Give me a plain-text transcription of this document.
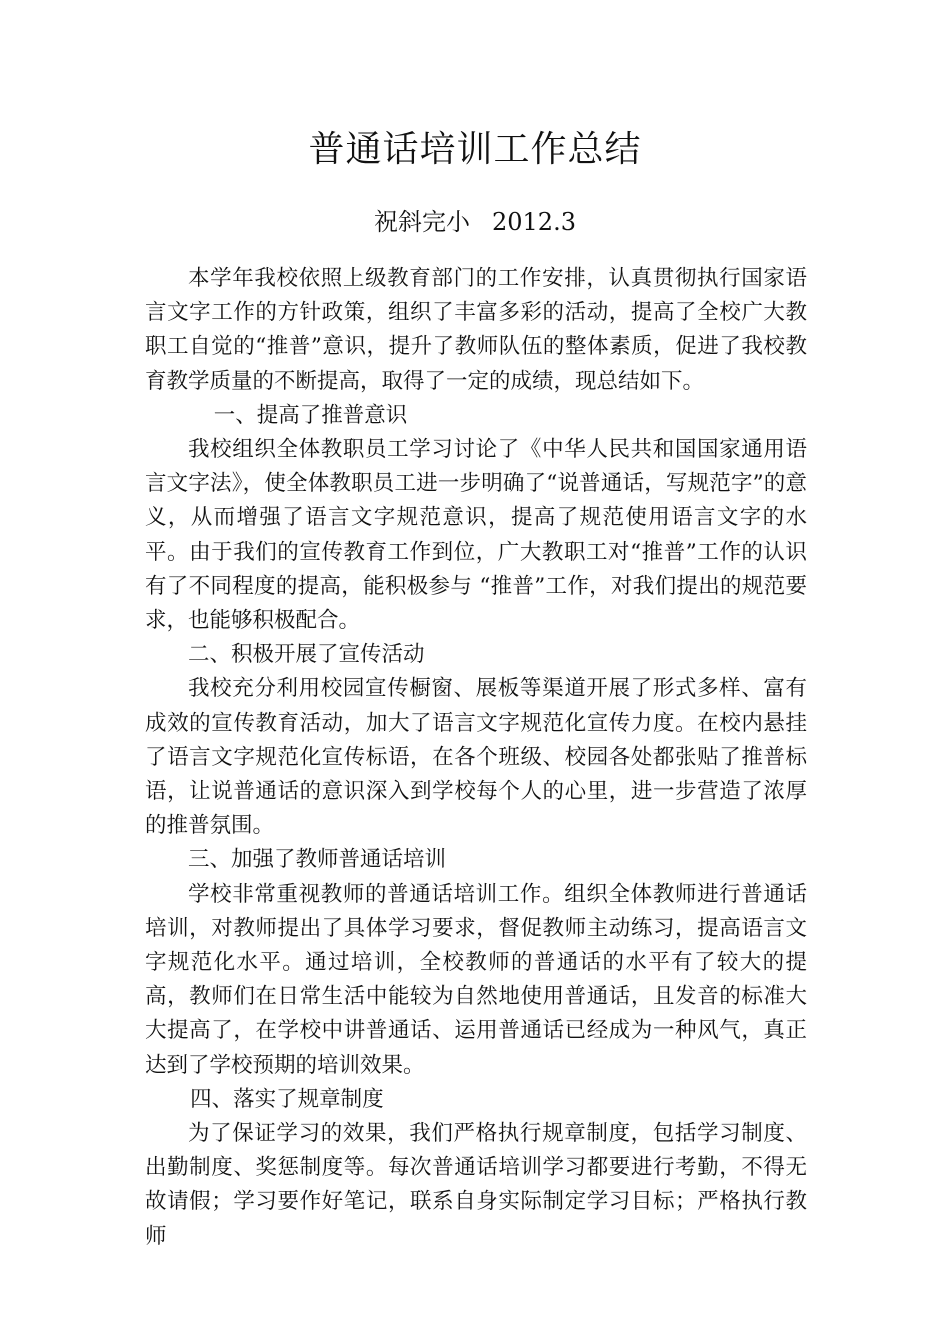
普通话培训工作总结

祝斜完小 2012.3

本学年我校依照上级教育部门的工作安排，认真贯彻执行国家语言文字工作的方针政策，组织了丰富多彩的活动，提高了全校广大教职工自觉的“推普”意识，提升了教师队伍的整体素质，促进了我校教育教学质量的不断提高，取得了一定的成绩，现总结如下。

一、提高了推普意识

我校组织全体教职员工学习讨论了《中华人民共和国国家通用语言文字法》，使全体教职员工进一步明确了“说普通话，写规范字”的意义，从而增强了语言文字规范意识，提高了规范使用语言文字的水平。由于我们的宣传教育工作到位，广大教职工对“推普”工作的认识有了不同程度的提高，能积极参与 “推普”工作，对我们提出的规范要求，也能够积极配合。

二、积极开展了宣传活动

我校充分利用校园宣传橱窗、展板等渠道开展了形式多样、富有成效的宣传教育活动，加大了语言文字规范化宣传力度。在校内悬挂了语言文字规范化宣传标语，在各个班级、校园各处都张贴了推普标语，让说普通话的意识深入到学校每个人的心里，进一步营造了浓厚的推普氛围。

三、加强了教师普通话培训

学校非常重视教师的普通话培训工作。组织全体教师进行普通话培训，对教师提出了具体学习要求，督促教师主动练习，提高语言文字规范化水平。通过培训，全校教师的普通话的水平有了较大的提高，教师们在日常生活中能较为自然地使用普通话，且发音的标准大大提高了，在学校中讲普通话、运用普通话已经成为一种风气，真正达到了学校预期的培训效果。

四、落实了规章制度

为了保证学习的效果，我们严格执行规章制度，包括学习制度、出勤制度、奖惩制度等。每次普通话培训学习都要进行考勤，不得无故请假；学习要作好笔记，联系自身实际制定学习目标；严格执行教师
